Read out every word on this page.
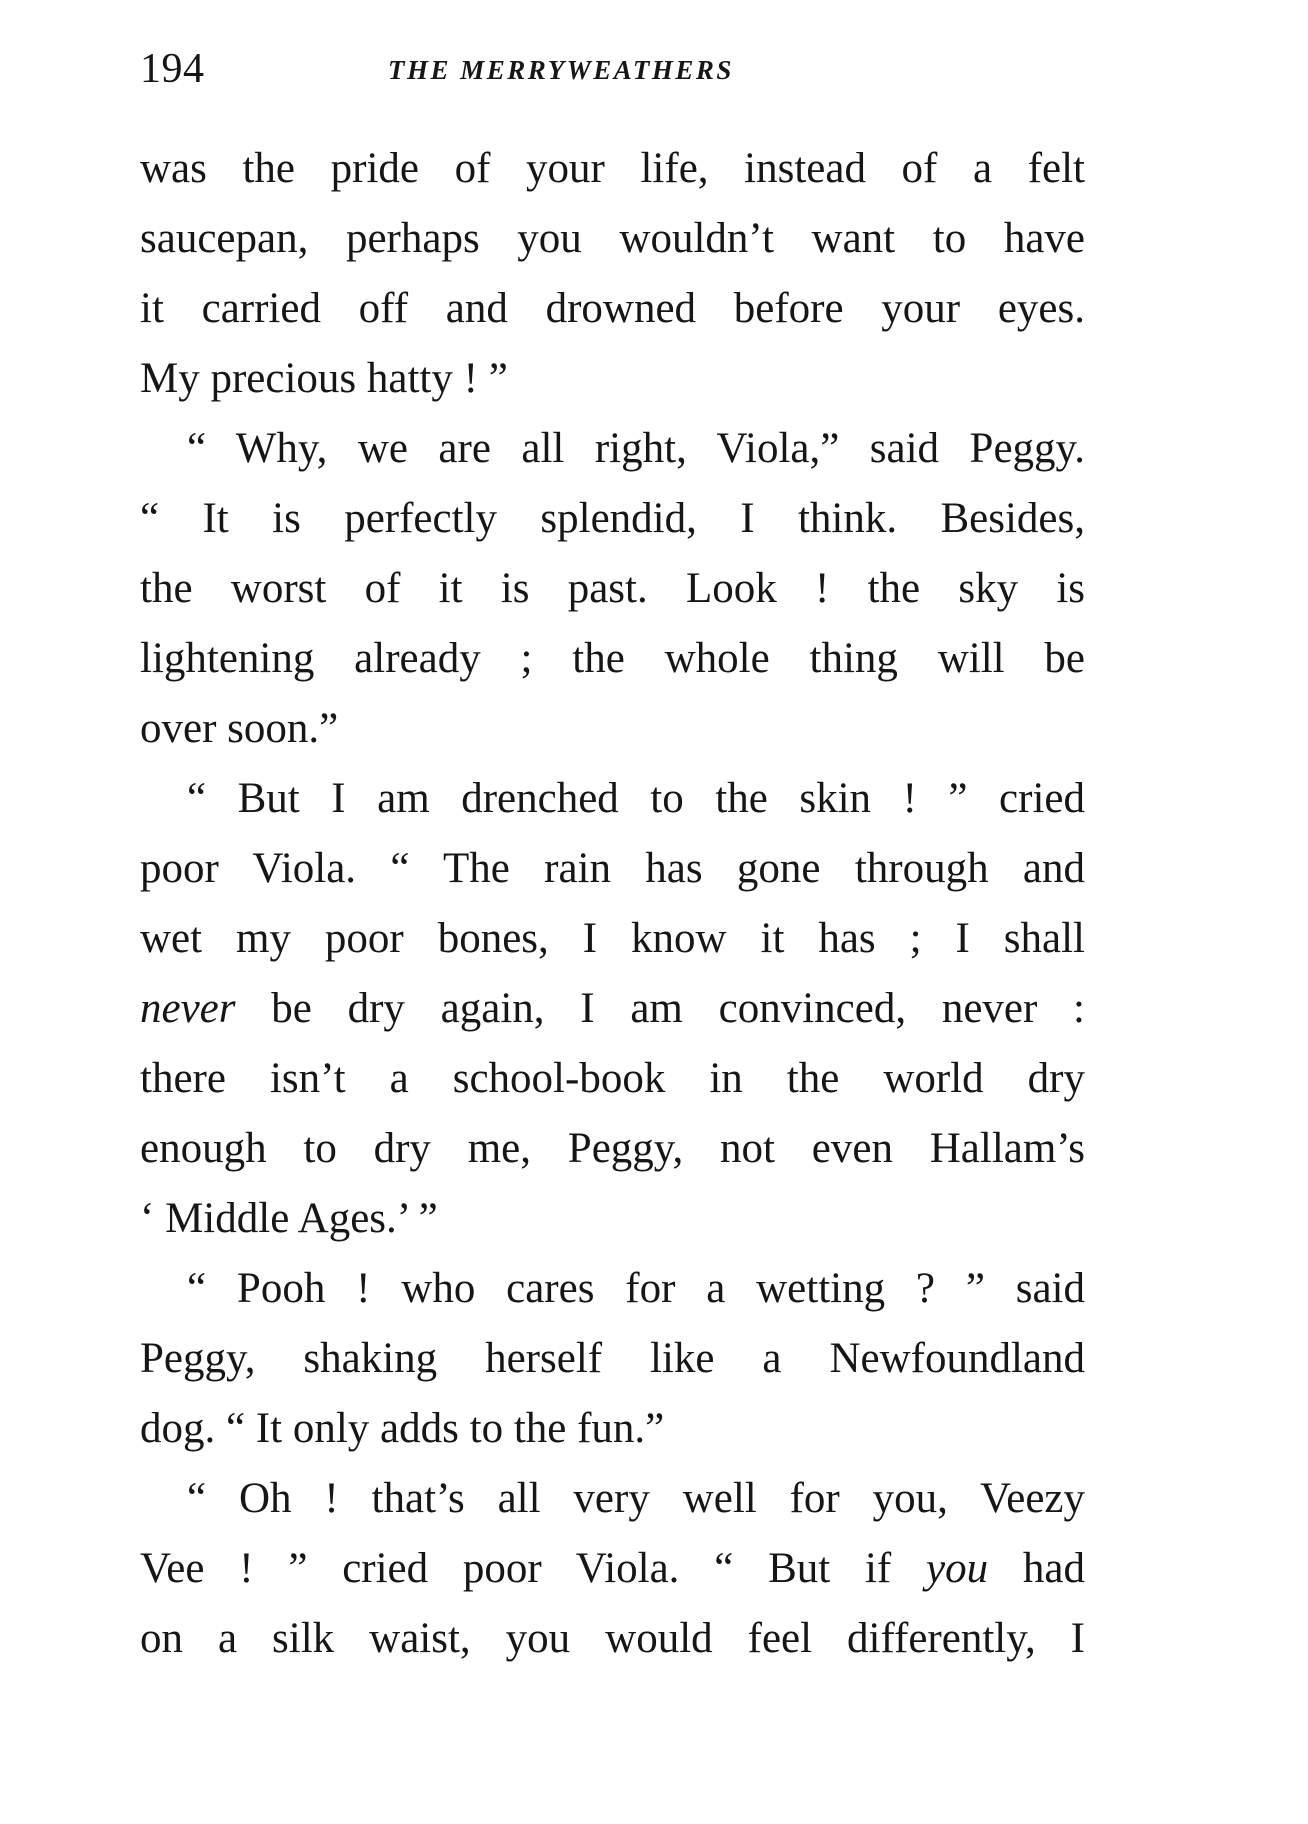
194	THE MERRYWEATHERS
was the pride of your life, instead of a felt
saucepan, perhaps you wouldn’t want to have
it carried off and drowned before your eyes.
My precious hatty ! ”
“ Why, we are all right, Viola,” said Peggy.
“ It is perfectly splendid, I think. Besides,
the worst of it is past. Look ! the sky is
lightening already ; the whole thing will be
over soon.”
“ But I am drenched to the skin ! ” cried
poor Viola. “ The rain has gone through and
wet my poor bones, I know it has ; I shall
never be dry again, I am convinced, never :
there isn’t a school-book in the world dry
enough to dry me, Peggy, not even Hallam’s
‘ Middle Ages.’ ”
“ Pooh ! who cares for a wetting ? ” said
Peggy, shaking herself like a Newfoundland
dog. “ It only adds to the fun.”
“ Oh ! that’s all very well for you, Veezy
Vee ! ” cried poor Viola. “ But if you had
on a silk waist, you would feel differently, I
